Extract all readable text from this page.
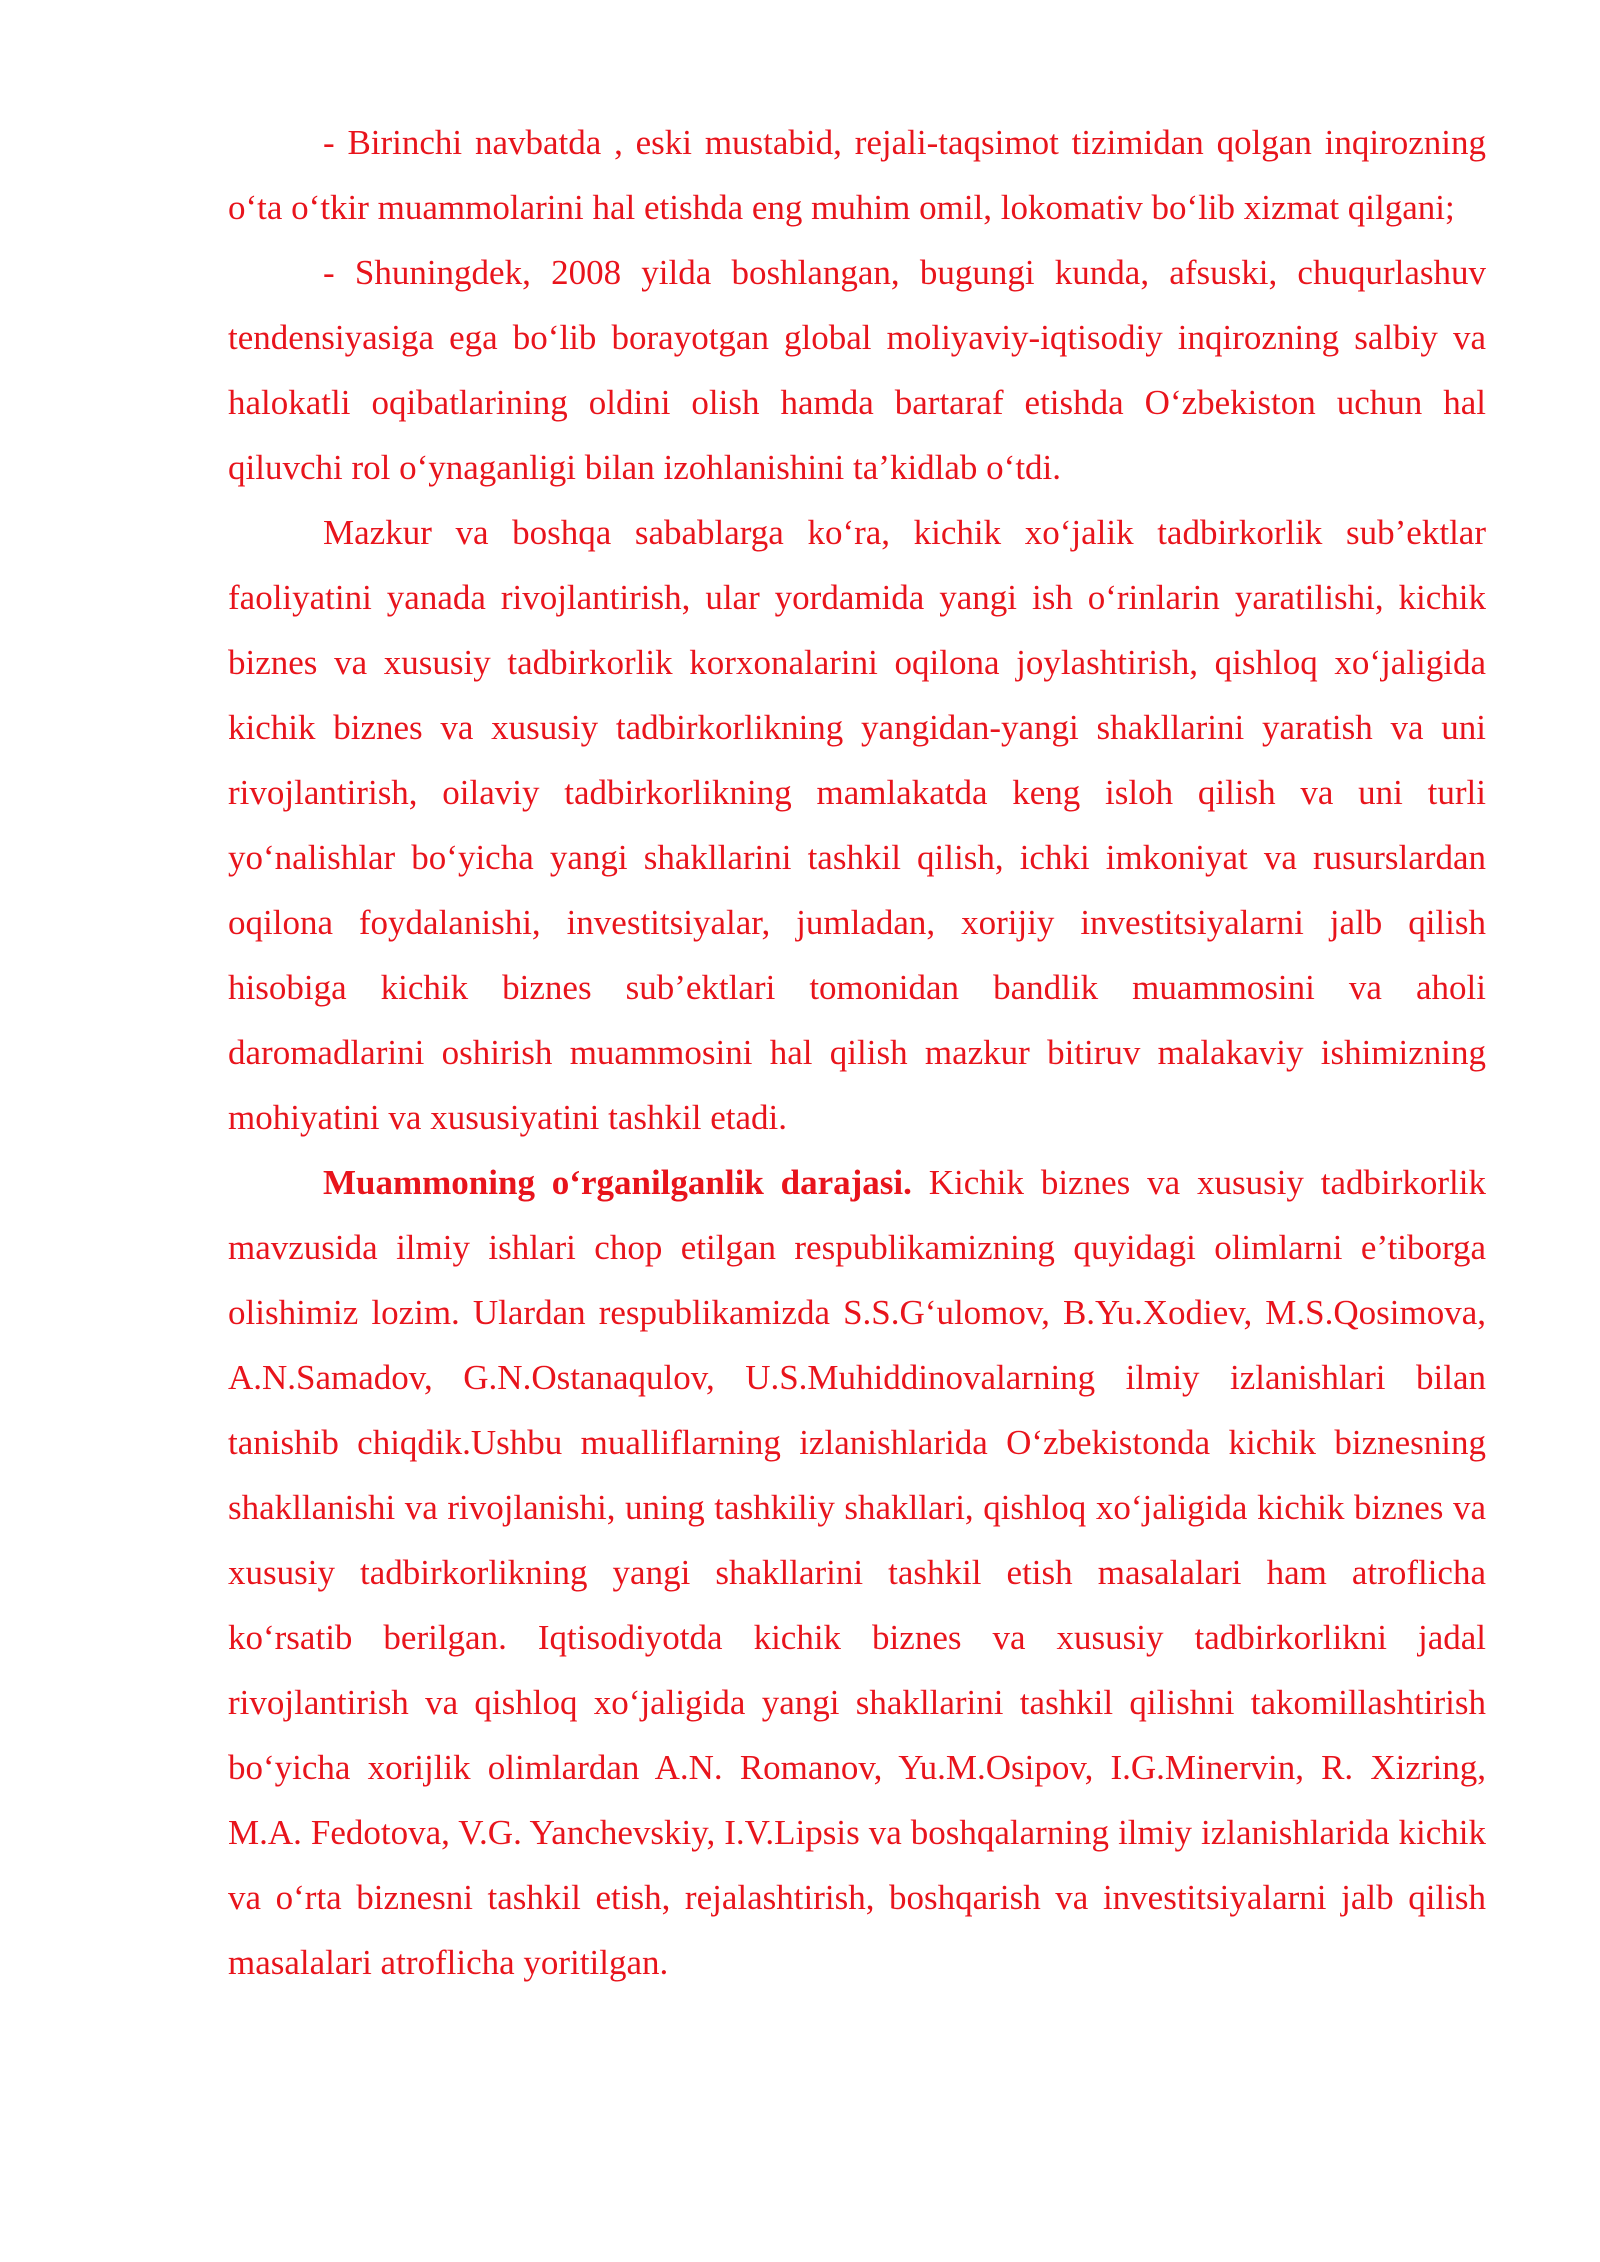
- Birinchi navbatda , eski mustabid, rejali-taqsimot tizimidan qolgan inqirozning o‘ta o‘tkir muammolarini hal etishda eng muhim omil, lokomativ bo‘lib xizmat qilgani;

- Shuningdek, 2008 yilda boshlangan, bugungi kunda, afsuski, chuqurlashuv tendensiyasiga ega bo‘lib borayotgan global moliyaviy-iqtisodiy inqirozning salbiy va halokatli oqibatlarining oldini olish hamda bartaraf etishda O‘zbekiston uchun hal qiluvchi rol o‘ynaganligi bilan izohlanishini ta’kidlab o‘tdi.

Mazkur va boshqa sabablarga ko‘ra, kichik xo‘jalik tadbirkorlik sub’ektlar faoliyatini yanada rivojlantirish, ular yordamida yangi ish o‘rinlarin yaratilishi, kichik biznes va xususiy tadbirkorlik korxonalarini oqilona joylashtirish, qishloq xo‘jaligida kichik biznes va xususiy tadbirkorlikning yangidan-yangi shakllarini yaratish va uni rivojlantirish, oilaviy tadbirkorlikning mamlakatda keng isloh qilish va uni turli yo‘nalishlar bo‘yicha yangi shakllarini tashkil qilish, ichki imkoniyat va rusurslardan oqilona foydalanishi, investitsiyalar, jumladan, xorijiy investitsiyalarni jalb qilish hisobiga kichik biznes sub’ektlari tomonidan bandlik muammosini va aholi daromadlarini oshirish muammosini hal qilish mazkur bitiruv malakaviy ishimizning mohiyatini va xususiyatini tashkil etadi.

Muammoning o‘rganilganlik darajasi. Kichik biznes va xususiy tadbirkorlik mavzusida ilmiy ishlari chop etilgan respublikamizning quyidagi olimlarni e’tiborga olishimiz lozim. Ulardan respublikamizda S.S.G‘ulomov, B.Yu.Xodiev, M.S.Qosimova, A.N.Samadov, G.N.Ostanaqulov, U.S.Muhiddinovalarning ilmiy izlanishlari bilan tanishib chiqdik.Ushbu mualliflarning izlanishlarida O‘zbekistonda kichik biznesning shakllanishi va rivojlanishi, uning tashkiliy shakllari, qishloq xo‘jaligida kichik biznes va xususiy tadbirkorlikning yangi shakllarini tashkil etish masalalari ham atroflicha ko‘rsatib berilgan. Iqtisodiyotda kichik biznes va xususiy tadbirkorlikni jadal rivojlantirish va qishloq xo‘jaligida yangi shakllarini tashkil qilishni takomillashtirish bo‘yicha xorijlik olimlardan A.N. Romanov, Yu.M.Osipov, I.G.Minervin, R. Xizring, M.A. Fedotova, V.G. Yanchevskiy, I.V.Lipsis va boshqalarning ilmiy izlanishlarida kichik va o‘rta biznesni tashkil etish, rejalashtirish, boshqarish va investitsiyalarni jalb qilish masalalari atroflicha yoritilgan.
